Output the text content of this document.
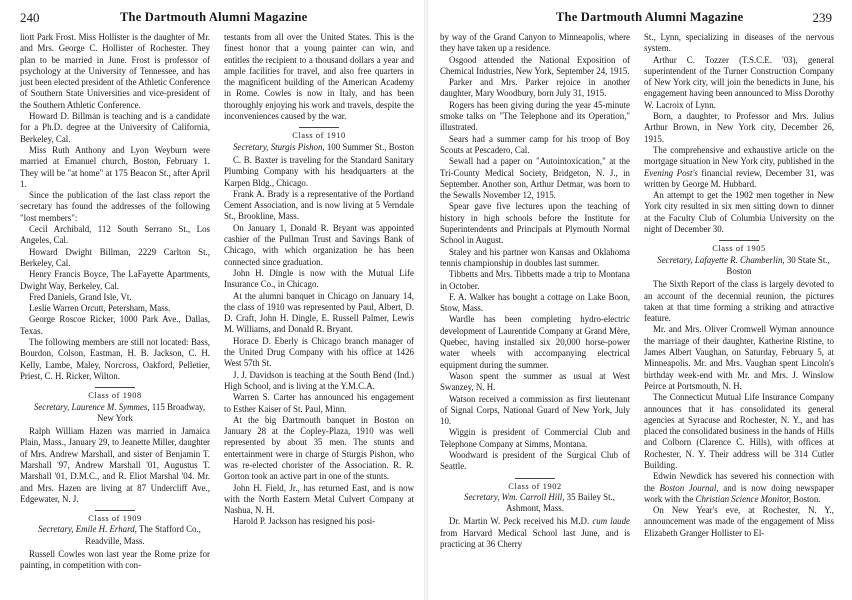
240	The Dartmouth Alumni Magazine

liott Park Frost. Miss Hollister is the daughter of Mr. and Mrs. George C. Hollister of Rochester. They plan to be married in June. Frost is professor of psychology at the University of Tennessee, and has just been elected president of the Athletic Conference of Southern State Universities and vice-president of the Southern Athletic Conference.

Howard D. Billman is teaching and is a candidate for a Ph.D. degree at the University of California, Berkeley, Cal.

Miss Ruth Anthony and Lyon Weyburn were married at Emanuel church, Boston, February 1. They will be "at home" at 175 Beacon St., after April 1.

Since the publication of the last class report the secretary has found the addresses of the following "lost members":

Cecil Archibald, 112 South Serrano St., Los Angeles, Cal.

Howard Dwight Billman, 2229 Carlton St., Berkeley, Cal.

Henry Francis Boyce, The LaFayette Apartments, Dwight Way, Berkeley, Cal.

Fred Daniels, Grand Isle, Vt.

Leslie Warren Orcutt, Petersham, Mass.

George Roscoe Ricker, 1000 Park Ave., Dallas, Texas.

The following members are still not located: Bass, Bourdon, Colson, Eastman, H. B. Jackson, C. H. Kelly, Lambe, Maley, Norcross, Oakford, Pelletier, Priest, C. H. Ricker, Wilton.

Class of 1908

Secretary, Laurence M. Symmes, 115 Broadway, New York

Ralph William Hazen was married in Jamaica Plain, Mass., January 29, to Jeanette Miller, daughter of Mrs. Andrew Marshall, and sister of Benjamin T. Marshall '97, Andrew Marshall '01, Augustus T. Marshall '01, D.M.C., and R. Eliot Marshal '04. Mr. and Mrs. Hazen are living at 87 Undercliff Ave., Edgewater, N. J.

Class of 1909

Secretary, Emile H. Erhard, The Stafford Co., Readville, Mass.

Russell Cowles won last year the Rome prize for painting, in competition with con-

testants from all over the United States. This is the finest honor that a young painter can win, and entitles the recipient to a thousand dollars a year and ample facilities for travel, and also free quarters in the magnificent building of the American Academy in Rome. Cowles is now in Italy, and has been thoroughly enjoying his work and travels, despite the inconveniences caused by the war.

Class of 1910

Secretary, Sturgis Pishon, 100 Summer St., Boston

C. B. Baxter is traveling for the Standard Sanitary Plumbing Company with his headquarters at the Karpen Bldg., Chicago.

Frank A. Brady is a representative of the Portland Cement Association, and is now living at 5 Verndale St., Brookline, Mass.

On January 1, Donald R. Bryant was appointed cashier of the Pullman Trust and Savings Bank of Chicago, with which organization he has been connected since graduation.

John H. Dingle is now with the Mutual Life Insurance Co., in Chicago.

At the alumni banquet in Chicago on January 14, the class of 1910 was represented by Paul, Albert, D. D. Craft, John H. Dingle, E. Russell Palmer, Lewis M. Williams, and Donald R. Bryant.

Horace D. Eberly is Chicago branch manager of the United Drug Company with his office at 1426 West 57th St.

J. J. Davidson is teaching at the South Bend (Ind.) High School, and is living at the Y.M.C.A.

Warren S. Carter has announced his engagement to Esther Kaiser of St. Paul, Minn.

At the big Dartmouth banquet in Boston on January 28 at the Copley-Plaza, 1910 was well represented by about 35 men. The stunts and entertainment were in charge of Sturgis Pishon, who was re-elected chorister of the Association. R. R. Gorton took an active part in one of the stunts.

John H. Field, Jr., has returned East, and is now with the North Eastern Metal Culvert Company at Nashua, N. H.

Harold P. Jackson has resigned his posi-

The Dartmouth Alumni Magazine	239

by way of the Grand Canyon to Minneapolis, where they have taken up a residence.

Osgood attended the National Exposition of Chemical Industries, New York, September 24, 1915.

Parker and Mrs. Parker rejoice in another daughter, Mary Woodbury, born July 31, 1915.

Rogers has been giving during the year 45-minute smoke talks on "The Telephone and its Operation," illustrated.

Sears had a summer camp for his troop of Boy Scouts at Pescadero, Cal.

Sewall had a paper on "Autointoxication," at the Tri-County Medical Society, Bridgeton, N. J., in September. Another son, Arthur Detmar, was born to the Sewalls November 12, 1915.

Spear gave five lectures upon the teaching of history in high schools before the Institute for Superintendents and Principals at Plymouth Normal School in August.

Staley and his partner won Kansas and Oklahoma tennis championship in doubles last summer.

Tibbetts and Mrs. Tibbetts made a trip to Montana in October.

F. A. Walker has bought a cottage on Lake Boon, Stow, Mass.

Wardle has been completing hydro-electric development of Laurentide Company at Grand Mère, Quebec, having installed six 20,000 horse-power water wheels with accompanying electrical equipment during the summer.

Wason spent the summer as usual at West Swanzey, N. H.

Watson received a commission as first lieutenant of Signal Corps, National Guard of New York, July 10.

Wiggin is president of Commercial Club and Telephone Company at Simms, Montana.

Woodward is president of the Surgical Club of Seattle.

Class of 1902

Secretary, Wm. Carroll Hill, 35 Bailey St., Ashmont, Mass.

Dr. Martin W. Peck received his M.D. cum laude from Harvard Medical School last June, and is practicing at 36 Cherry

St., Lynn, specializing in diseases of the nervous system.

Arthur C. Tozzer (T.S.C.E. '03), general superintendent of the Turner Construction Company of New York city, will join the benedicts in June, his engagement having been announced to Miss Dorothy W. Lacroix of Lynn.

Born, a daughter, to Professor and Mrs. Julius Arthur Brown, in New York city, December 26, 1915.

The comprehensive and exhaustive article on the mortgage situation in New York city, published in the Evening Post's financial review, December 31, was written by George M. Hubbard.

An attempt to get the 1902 men together in New York city resulted in six men sitting down to dinner at the Faculty Club of Columbia University on the night of December 30.

Class of 1905

Secretary, Lafayette R. Chamberlin, 30 State St., Boston

The Sixth Report of the class is largely devoted to an account of the decennial reunion, the pictures taken at that time forming a striking and attractive feature.

Mr. and Mrs. Oliver Cromwell Wyman announce the marriage of their daughter, Katherine Ristine, to James Albert Vaughan, on Saturday, February 5, at Minneapolis. Mr. and Mrs. Vaughan spent Lincoln's birthday week-end with Mr. and Mrs. J. Winslow Peirce at Portsmouth, N. H.

The Connecticut Mutual Life Insurance Company announces that it has consolidated its general agencies at Syracuse and Rochester, N. Y., and has placed the consolidated business in the hands of Hills and Colborn (Clarence C. Hills), with offices at Rochester, N. Y. Their address will be 314 Cutler Building.

Edwin Newdick has severed his connection with the Boston Journal, and is now doing newspaper work with the Christian Science Monitor, Boston.

On New Year's eve, at Rochester, N. Y., announcement was made of the engagement of Miss Elizabeth Granger Hollister to El-
